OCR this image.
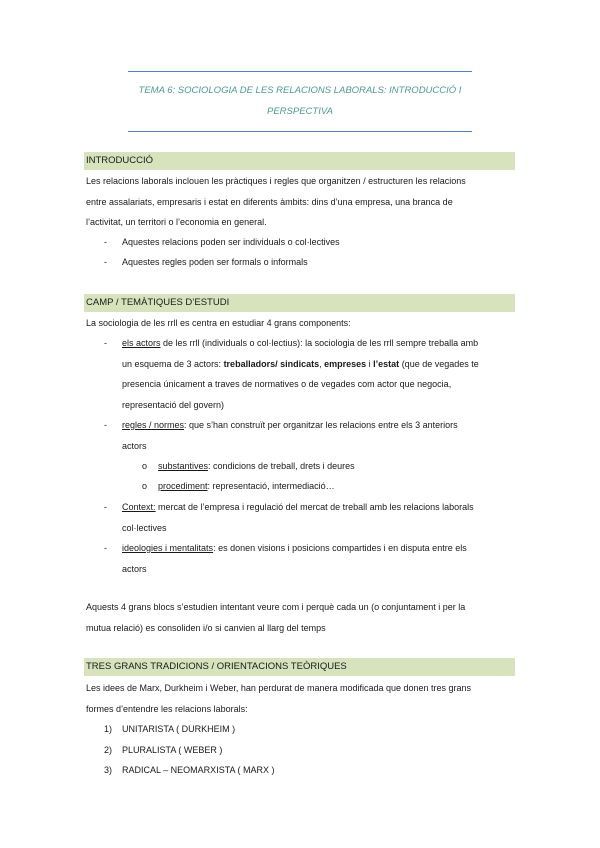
TEMA 6: SOCIOLOGIA DE LES RELACIONS LABORALS: INTRODUCCIÓ I
PERSPECTIVA
INTRODUCCIÓ
Les relacions laborals inclouen les pràctiques i regles que organitzen / estructuren les relacions
entre assalariats, empresaris i estat en diferents àmbits: dins d’una empresa, una branca de
l’activitat, un territori o l’economia en general.
- Aquestes relacions poden ser individuals o col·lectives
- Aquestes regles poden ser formals o informals
CAMP / TEMÀTIQUES D’ESTUDI
La sociologia de les rrll es centra en estudiar 4 grans components:
- els actors de les rrll (individuals o col·lectius): la sociologia de les rrll sempre treballa amb
un esquema de 3 actors: treballadors/ sindicats, empreses i l’estat (que de vegades te
presencia únicament a traves de normatives o de vegades com actor que negocia,
representació del govern)
- regles / normes: que s’han construït per organitzar les relacions entre els 3 anteriors
actors
o substantives: condicions de treball, drets i deures
o procediment: representació, intermediació…
- Context: mercat de l’empresa i regulació del mercat de treball amb les relacions laborals
col·lectives
- ideologies i mentalitats: es donen visions i posicions compartides i en disputa entre els
actors
Aquests 4 grans blocs s’estudien intentant veure com i perquè cada un (o conjuntament i per la
mutua relació) es consoliden i/o si canvien al llarg del temps
TRES GRANS TRADICIONS / ORIENTACIONS TEÒRIQUES
Les idees de Marx, Durkheim i Weber, han perdurat de manera modificada que donen tres grans
formes d’entendre les relacions laborals:
1) UNITARISTA ( DURKHEIM )
2) PLURALISTA ( WEBER )
3) RADICAL – NEOMARXISTA ( MARX )
